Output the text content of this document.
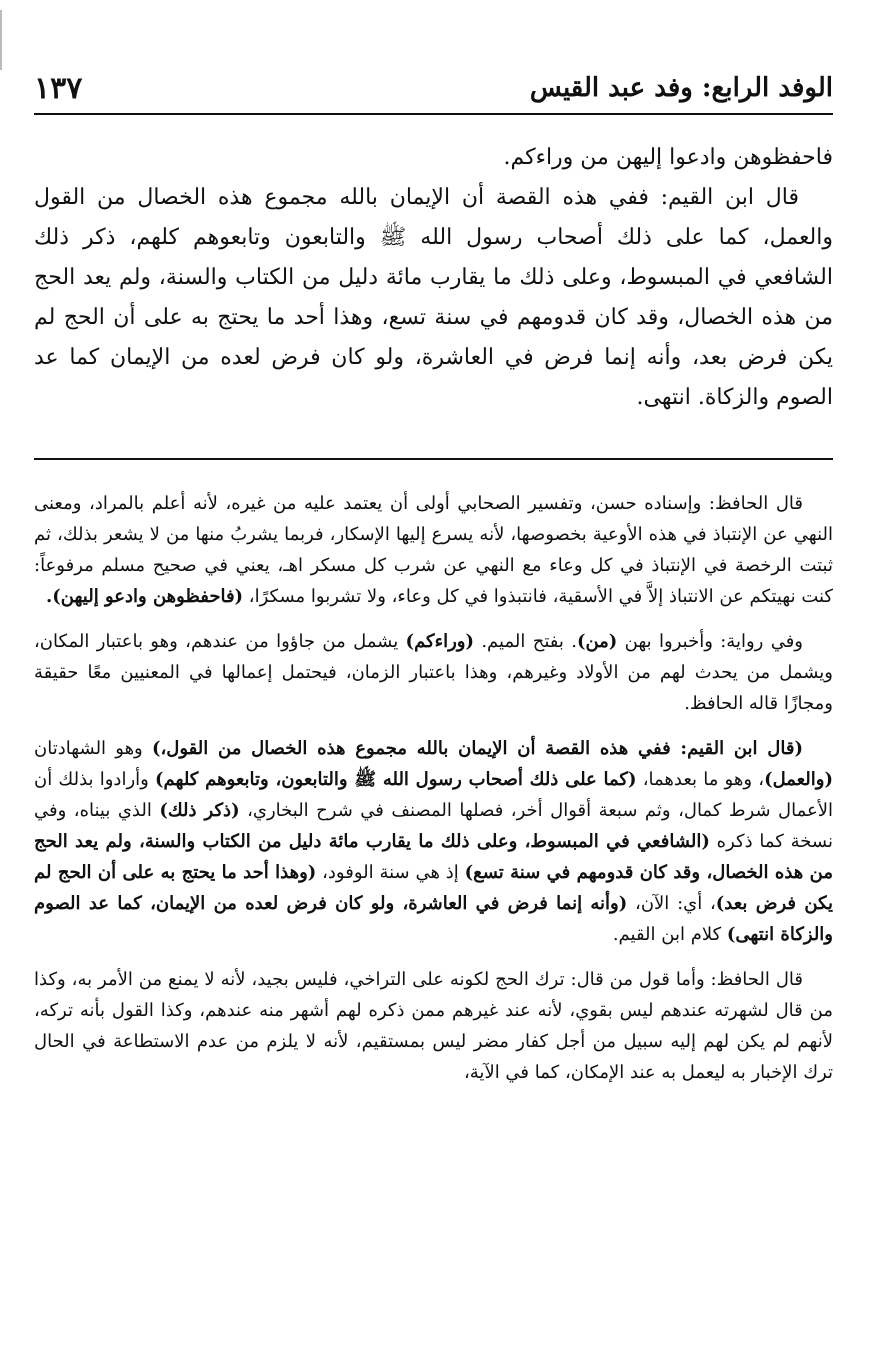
الوفد الرابع: وفد عبد القيس
١٣٧

فاحفظوهن وادعوا إليهن من وراءكم.

قال ابن القيم: ففي هذه القصة أن الإيمان بالله مجموع هذه الخصال من القول والعمل، كما على ذلك أصحاب رسول الله ﷺ والتابعون وتابعوهم كلهم، ذكر ذلك الشافعي في المبسوط، وعلى ذلك ما يقارب مائة دليل من الكتاب والسنة، ولم يعد الحج من هذه الخصال، وقد كان قدومهم في سنة تسع، وهذا أحد ما يحتج به على أن الحج لم يكن فرض بعد، وأنه إنما فرض في العاشرة، ولو كان فرض لعده من الإيمان كما عد الصوم والزكاة. انتهى.

قال الحافظ: وإسناده حسن، وتفسير الصحابي أولى أن يعتمد عليه من غيره، لأنه أعلم بالمراد، ومعنى النهي عن الإنتباذ في هذه الأوعية بخصوصها، لأنه يسرع إليها الإسكار، فربما يشربُ منها من لا يشعر بذلك، ثم ثبتت الرخصة في الإنتباذ في كل وعاء مع النهي عن شرب كل مسكر اهـ، يعني في صحيح مسلم مرفوعاً: كنت نهيتكم عن الانتباذ إلاَّ في الأسقية، فانتبذوا في كل وعاء، ولا تشربوا مسكرًا، (فاحفظوهن وادعو إليهن).

وفي رواية: وأخبروا بهن (من). بفتح الميم. (وراءكم) يشمل من جاؤوا من عندهم، وهو باعتبار المكان، ويشمل من يحدث لهم من الأولاد وغيرهم، وهذا باعتبار الزمان، فيحتمل إعمالها في المعنيين معًا حقيقة ومجازًا قاله الحافظ.

(قال ابن القيم: ففي هذه القصة أن الإيمان بالله مجموع هذه الخصال من القول،) وهو الشهادتان (والعمل)، وهو ما بعدهما، (كما على ذلك أصحاب رسول الله ﷺ والتابعون، وتابعوهم كلهم) وأرادوا بذلك أن الأعمال شرط كمال، وثم سبعة أقوال أخر، فصلها المصنف في شرح البخاري، (ذكر ذلك) الذي بيناه، وفي نسخة كما ذكره (الشافعي في المبسوط، وعلى ذلك ما يقارب مائة دليل من الكتاب والسنة، ولم يعد الحج من هذه الخصال، وقد كان قدومهم في سنة تسع) إذ هي سنة الوفود، (وهذا أحد ما يحتج به على أن الحج لم يكن فرض بعد)، أي: الآن، (وأنه إنما فرض في العاشرة، ولو كان فرض لعده من الإيمان، كما عد الصوم والزكاة انتهى) كلام ابن القيم.

قال الحافظ: وأما قول من قال: ترك الحج لكونه على التراخي، فليس بجيد، لأنه لا يمنع من الأمر به، وكذا من قال لشهرته عندهم ليس بقوي، لأنه عند غيرهم ممن ذكره لهم أشهر منه عندهم، وكذا القول بأنه تركه، لأنهم لم يكن لهم إليه سبيل من أجل كفار مضر ليس بمستقيم، لأنه لا يلزم من عدم الاستطاعة في الحال ترك الإخبار به ليعمل به عند الإمكان، كما في الآية،
